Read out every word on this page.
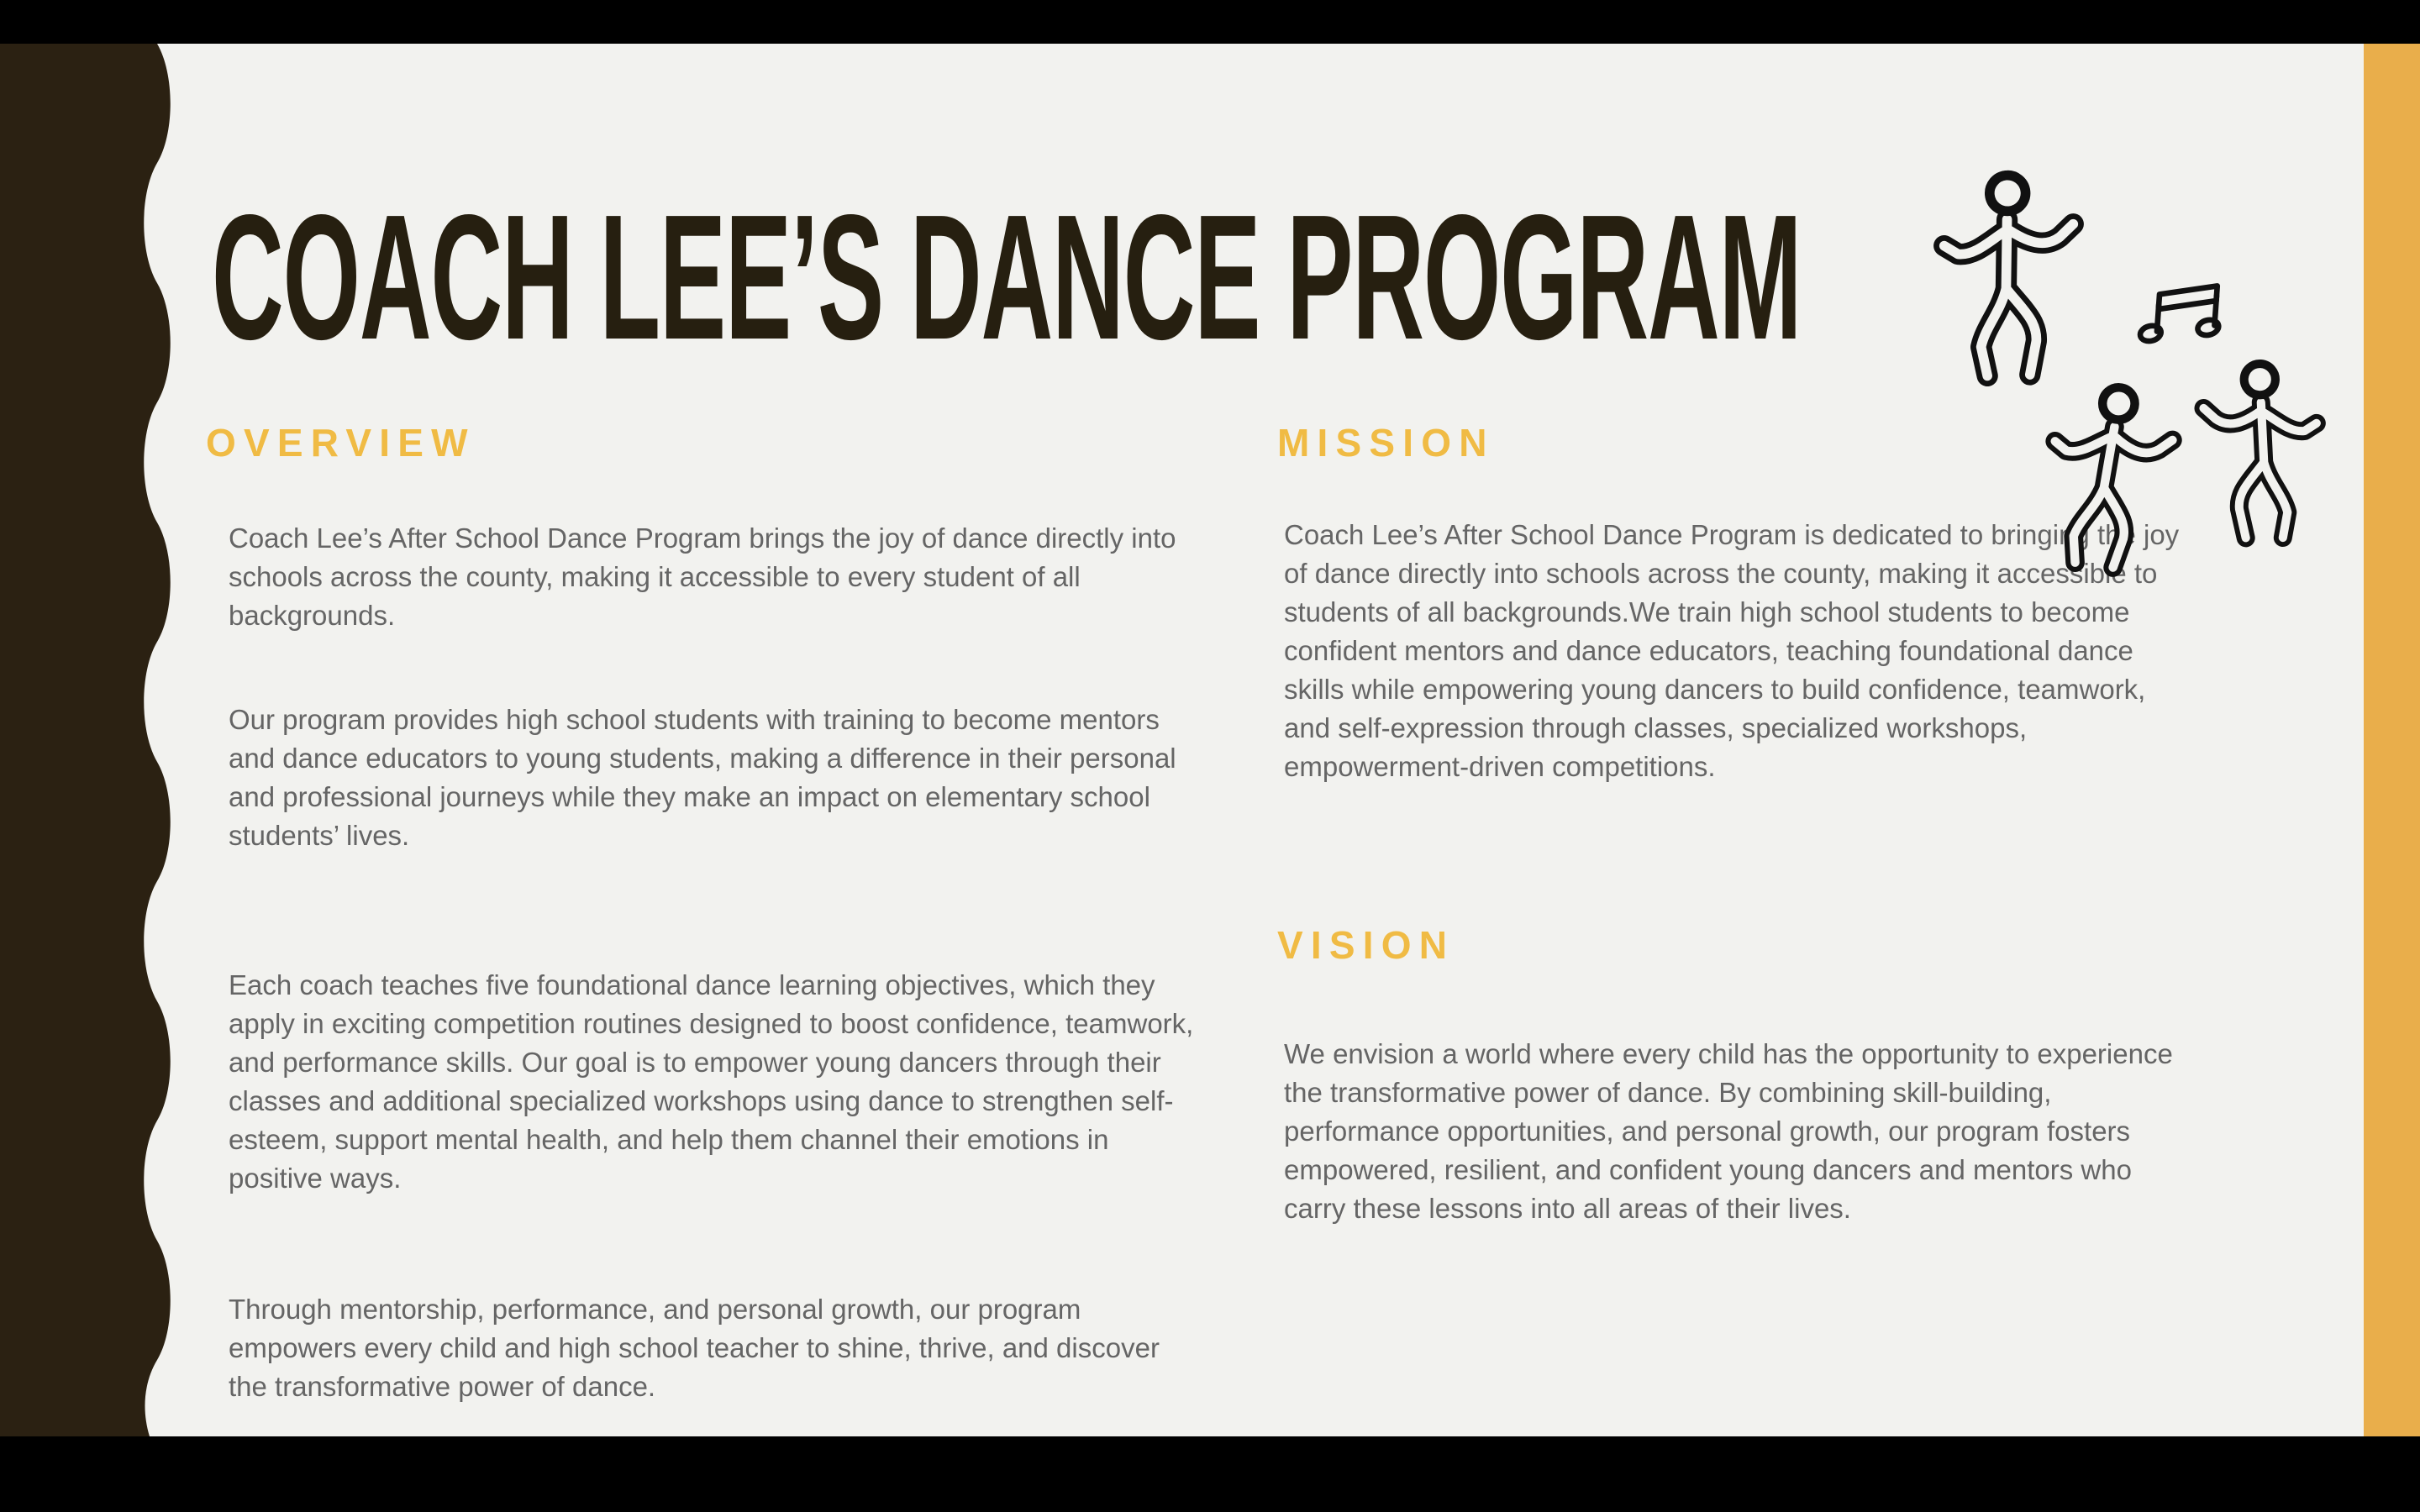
COACH LEE’S DANCE PROGRAM
OVERVIEW

Coach Lee’s After School Dance Program brings the joy of dance directly into schools across the county, making it accessible to every student of all backgrounds.

Our program provides high school students with training to become mentors and dance educators to young students, making a difference in their personal and professional journeys while they make an impact on elementary school students’ lives.

Each coach teaches five foundational dance learning objectives, which they apply in exciting competition routines designed to boost confidence, teamwork, and performance skills. Our goal is to empower young dancers through their classes and additional specialized workshops using dance to strengthen self-esteem, support mental health, and help them channel their emotions in positive ways.

Through mentorship, performance, and personal growth, our program empowers every child and high school teacher to shine, thrive, and discover the transformative power of dance.

MISSION

Coach Lee’s After School Dance Program is dedicated to bringing the joy of dance directly into schools across the county, making it accessible to students of all backgrounds.We train high school students to become confident mentors and dance educators, teaching foundational dance skills while empowering young dancers to build confidence, teamwork, and self-expression through classes, specialized workshops, empowerment-driven competitions.

VISION

We envision a world where every child has the opportunity to experience the transformative power of dance. By combining skill-building, performance opportunities, and personal growth, our program fosters empowered, resilient, and confident young dancers and mentors who carry these lessons into all areas of their lives.
